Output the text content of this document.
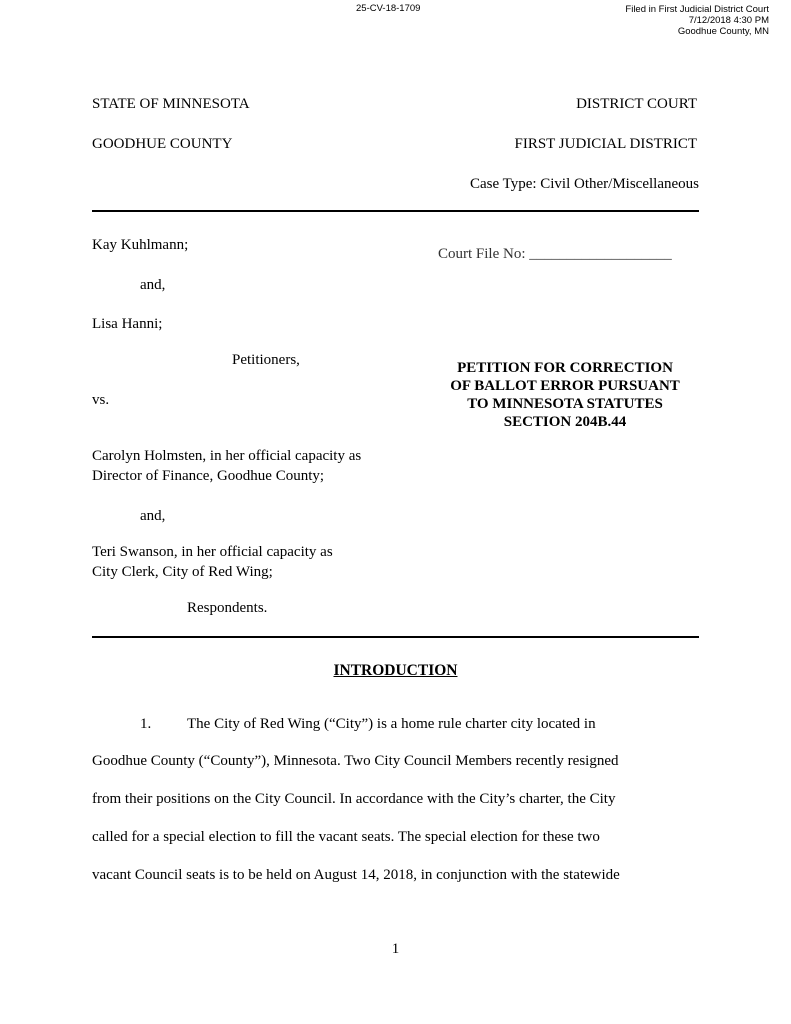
25-CV-18-1709	Filed in First Judicial District Court
7/12/2018 4:30 PM
Goodhue County, MN
STATE OF MINNESOTA
GOODHUE COUNTY
DISTRICT COURT
FIRST JUDICIAL DISTRICT
Case Type: Civil Other/Miscellaneous
Kay Kuhlmann;
and,
Lisa Hanni;
Petitioners,
vs.
Carolyn Holmsten, in her official capacity as
Director of Finance, Goodhue County;
and,
Teri Swanson, in her official capacity as
City Clerk, City of Red Wing;
Respondents.
Court File No: ___________________
PETITION FOR CORRECTION
OF BALLOT ERROR PURSUANT
TO MINNESOTA STATUTES
SECTION 204B.44
INTRODUCTION
1. The City of Red Wing (“City”) is a home rule charter city located in
Goodhue County (“County”), Minnesota. Two City Council Members recently resigned
from their positions on the City Council. In accordance with the City’s charter, the City
called for a special election to fill the vacant seats. The special election for these two
vacant Council seats is to be held on August 14, 2018, in conjunction with the statewide
1
